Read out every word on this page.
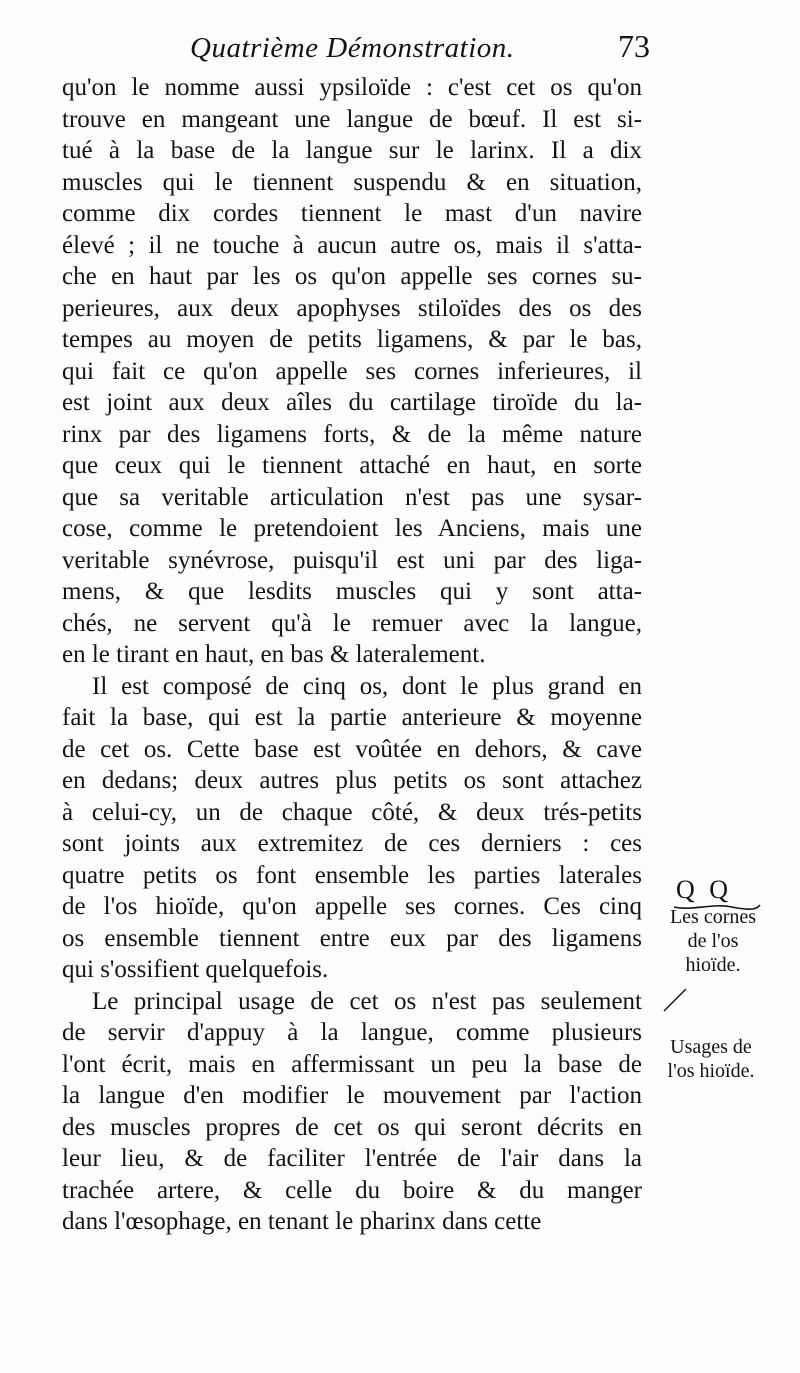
Quatrième Démonstration.	73
qu'on le nomme aussi ypsiloïde : c'est cet os qu'on
trouve en mangeant une langue de bœuf. Il est si-
tué à la base de la langue sur le larinx. Il a dix
muscles qui le tiennent suspendu & en situation,
comme dix cordes tiennent le mast d'un navire
élevé ; il ne touche à aucun autre os, mais il s'atta-
che en haut par les os qu'on appelle ses cornes su-
perieures, aux deux apophyses stiloïdes des os des
tempes au moyen de petits ligamens, & par le bas,
qui fait ce qu'on appelle ses cornes inferieures, il
est joint aux deux aîles du cartilage tiroïde du la-
rinx par des ligamens forts, & de la même nature
que ceux qui le tiennent attaché en haut, en sorte
que sa veritable articulation n'est pas une sysar-
cose, comme le pretendoient les Anciens, mais une
veritable synévrose, puisqu'il est uni par des liga-
mens, & que lesdits muscles qui y sont atta-
chés, ne servent qu'à le remuer avec la langue,
en le tirant en haut, en bas & lateralement.
Il est composé de cinq os, dont le plus grand en
fait la base, qui est la partie anterieure & moyenne
de cet os. Cette base est voûtée en dehors, & cave
en dedans; deux autres plus petits os sont attachez
à celui-cy, un de chaque côté, & deux trés-petits
sont joints aux extremitez de ces derniers : ces
quatre petits os font ensemble les parties laterales
de l'os hioïde, qu'on appelle ses cornes. Ces cinq
os ensemble tiennent entre eux par des ligamens
qui s'ossifient quelquefois.
Le principal usage de cet os n'est pas seulement
de servir d'appuy à la langue, comme plusieurs
l'ont écrit, mais en affermissant un peu la base de
la langue d'en modifier le mouvement par l'action
des muscles propres de cet os qui seront décrits en
leur lieu, & de faciliter l'entrée de l'air dans la
trachée artere, & celle du boire & du manger
dans l'œsophage, en tenant le pharinx dans cette
Q Q
Les cornes
de l'os
hioïde.
Usages de
l'os hioïde.
